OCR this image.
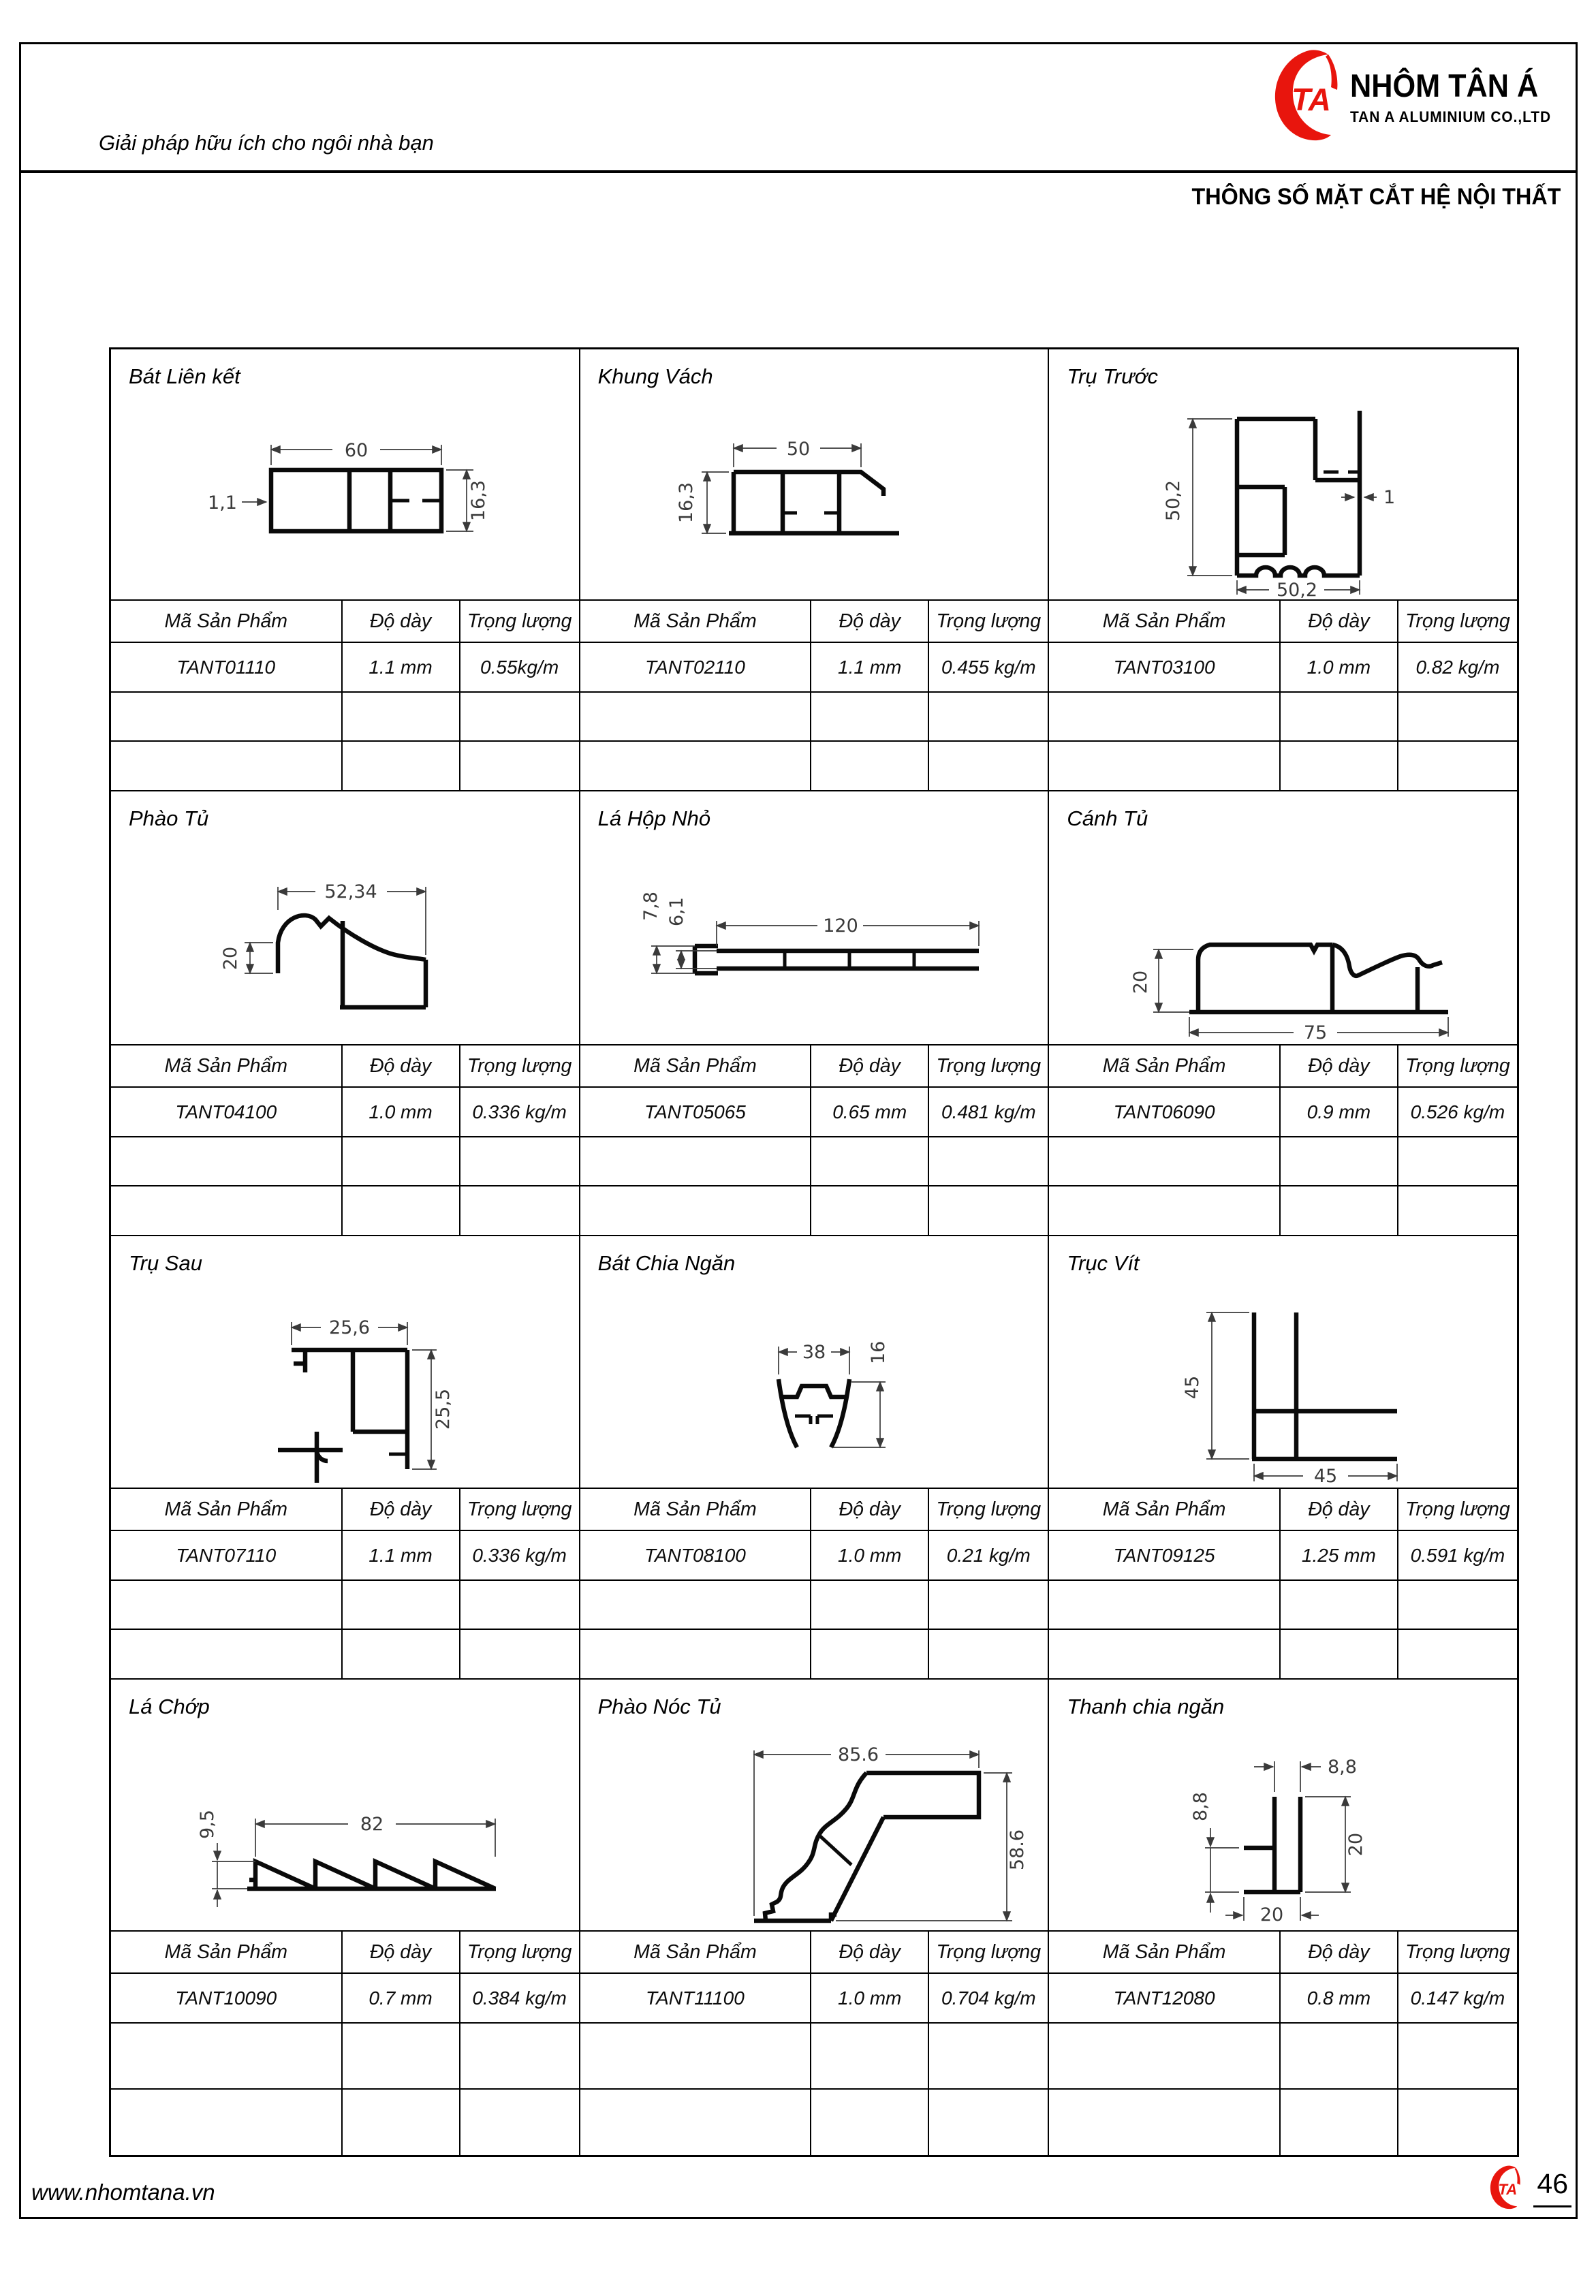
Giải pháp hữu ích cho ngôi nhà bạn
TA NHÔM TÂN Á
TAN A ALUMINIUM CO.,LTD
THÔNG SỐ MẶT CẮT HỆ NỘI THẤT
Bát Liên kết
60
1,1	16,3
Mã Sản Phẩm	Độ dày	Trọng lượng
TANT01110	1.1 mm	0.55kg/m

Khung Vách
50
16,3
Mã Sản Phẩm	Độ dày	Trọng lượng
TANT02110	1.1 mm	0.455 kg/m

Trụ Trước
50,2
50,2
1
Mã Sản Phẩm	Độ dày	Trọng lượng
TANT03100	1.0 mm	0.82 kg/m

Phào Tủ
52,34
20
Mã Sản Phẩm	Độ dày	Trọng lượng
TANT04100	1.0 mm	0.336 kg/m

Lá Hộp Nhỏ
120
7,8 6,1
Mã Sản Phẩm	Độ dày	Trọng lượng
TANT05065	0.65 mm	0.481 kg/m

Cánh Tủ
20
75
Mã Sản Phẩm	Độ dày	Trọng lượng
TANT06090	0.9 mm	0.526 kg/m

Trụ Sau
25,6
25,5
Mã Sản Phẩm	Độ dày	Trọng lượng
TANT07110	1.1 mm	0.336 kg/m

Bát Chia Ngăn
38 16
Mã Sản Phẩm	Độ dày	Trọng lượng
TANT08100	1.0 mm	0.21 kg/m

Trục Vít
45
45
Mã Sản Phẩm	Độ dày	Trọng lượng
TANT09125	1.25 mm	0.591 kg/m

Lá Chớp
82
9,5
Mã Sản Phẩm	Độ dày	Trọng lượng
TANT10090	0.7 mm	0.384 kg/m

Phào Nóc Tủ
85.6
58.6
Mã Sản Phẩm	Độ dày	Trọng lượng
TANT11100	1.0 mm	0.704 kg/m

Thanh chia ngăn
8,8
8,8
20
20
Mã Sản Phẩm	Độ dày	Trọng lượng
TANT12080	0.8 mm	0.147 kg/m

www.nhomtana.vn	TA 46
